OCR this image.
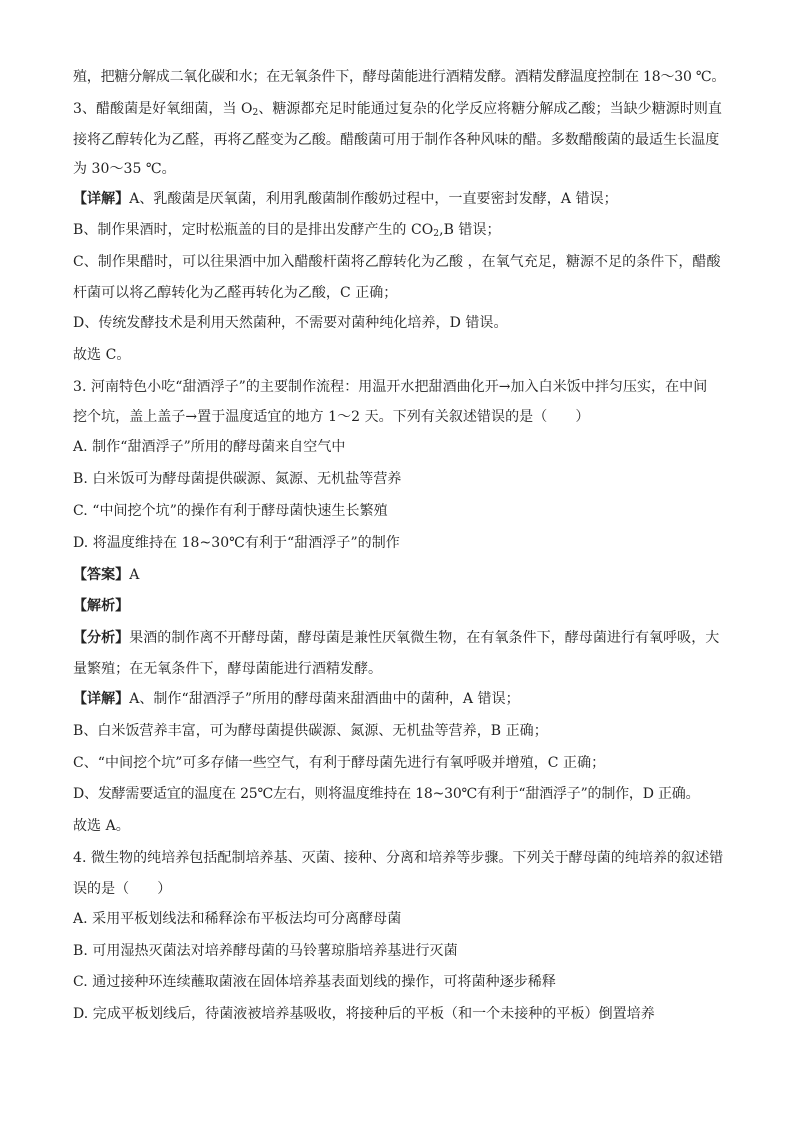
殖，把糖分解成二氧化碳和水；在无氧条件下，酵母菌能进行酒精发酵。酒精发酵温度控制在 18～30 ℃。

3、醋酸菌是好氧细菌，当 $O_2$、糖源都充足时能通过复杂的化学反应将糖分解成乙酸；当缺少糖源时则直

接将乙醇转化为乙醛，再将乙醛变为乙酸。醋酸菌可用于制作各种风味的醋。多数醋酸菌的最适生长温度

为 30～35 ℃。

【详解】A、乳酸菌是厌氧菌，利用乳酸菌制作酸奶过程中，一直要密封发酵，A 错误；

B、制作果酒时，定时松瓶盖的目的是排出发酵产生的 $CO_2,B$ 错误；

C、制作果醋时，可以往果酒中加入醋酸杆菌将乙醇转化为乙酸 ，在氧气充足，糖源不足的条件下，醋酸

杆菌可以将乙醇转化为乙醛再转化为乙酸，C 正确；

D、传统发酵技术是利用天然菌种，不需要对菌种纯化培养，D 错误。

故选 C。

3. 河南特色小吃“甜酒浮子”的主要制作流程：用温开水把甜酒曲化开→加入白米饭中拌匀压实，在中间

挖个坑，盖上盖子→置于温度适宜的地方 1～2 天。下列有关叙述错误的是（　　）

A. 制作“甜酒浮子”所用的酵母菌来自空气中

B. 白米饭可为酵母菌提供碳源、氮源、无机盐等营养

C. “中间挖个坑”的操作有利于酵母菌快速生长繁殖

D. 将温度维持在 18~30℃有利于“甜酒浮子”的制作

【答案】A

【解析】

【分析】果酒的制作离不开酵母菌，酵母菌是兼性厌氧微生物，在有氧条件下，酵母菌进行有氧呼吸，大

量繁殖；在无氧条件下，酵母菌能进行酒精发酵。

【详解】A、制作“甜酒浮子”所用的酵母菌来甜酒曲中的菌种，A 错误；

B、白米饭营养丰富，可为酵母菌提供碳源、氮源、无机盐等营养，B 正确；

C、“中间挖个坑”可多存储一些空气，有利于酵母菌先进行有氧呼吸并增殖，C 正确；

D、发酵需要适宜的温度在 25℃左右，则将温度维持在 18~30℃有利于“甜酒浮子”的制作，D 正确。

故选 A。

4. 微生物的纯培养包括配制培养基、灭菌、接种、分离和培养等步骤。下列关于酵母菌的纯培养的叙述错

误的是（　　）

A. 采用平板划线法和稀释涂布平板法均可分离酵母菌

B. 可用湿热灭菌法对培养酵母菌的马铃薯琼脂培养基进行灭菌

C. 通过接种环连续蘸取菌液在固体培养基表面划线的操作，可将菌种逐步稀释

D. 完成平板划线后，待菌液被培养基吸收，将接种后的平板（和一个未接种的平板）倒置培养
